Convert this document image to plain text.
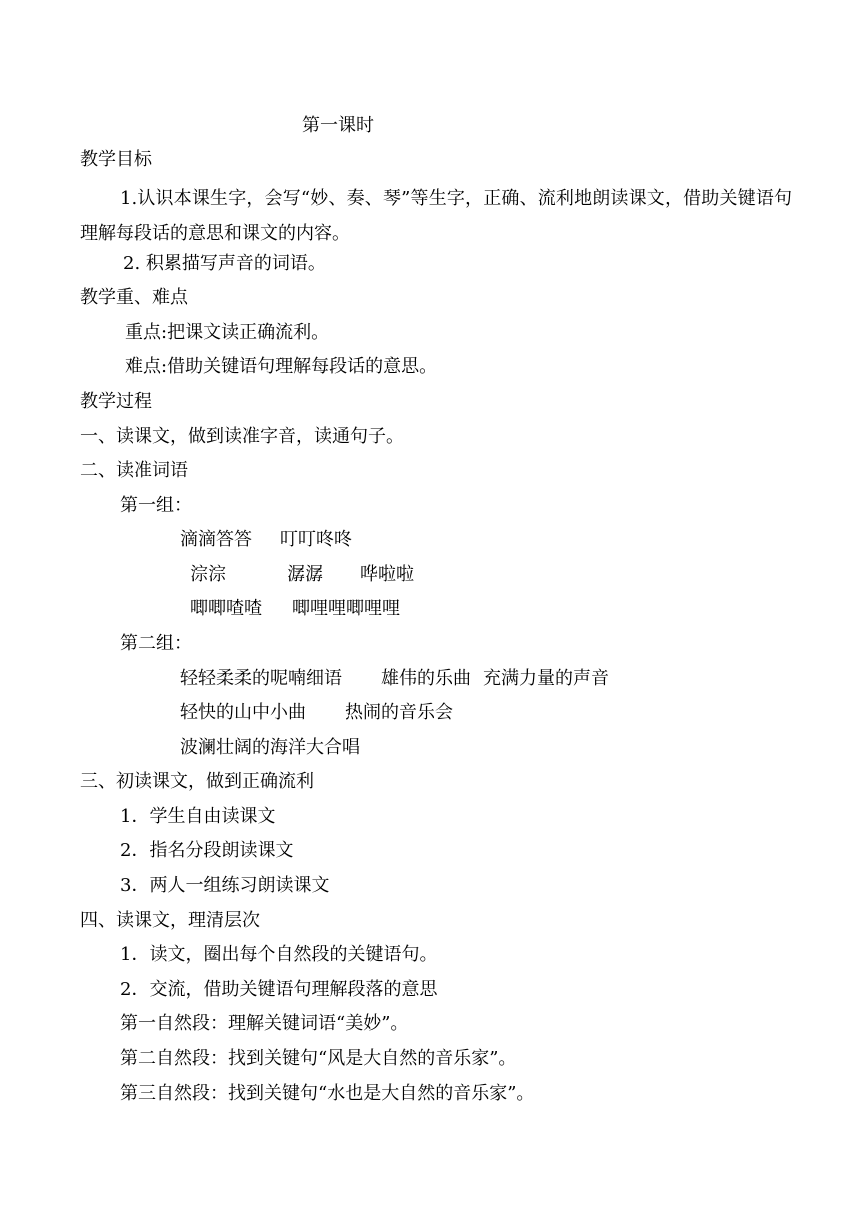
第一课时
教学目标
1.认识本课生字，会写“妙、奏、琴”等生字，正确、流利地朗读课文，借助关键语句理解每段话的意思和课文的内容。
2. 积累描写声音的词语。
教学重、难点
重点:把课文读正确流利。
难点:借助关键语句理解每段话的意思。
教学过程
一、读课文，做到读准字音，读通句子。
二、读准词语
第一组：
滴滴答答 叮叮咚咚
淙淙	潺潺 哗啦啦
唧唧喳喳 唧哩哩唧哩哩
第二组：
轻轻柔柔的呢喃细语 雄伟的乐曲 充满力量的声音
轻快的山中小曲 热闹的音乐会
波澜壮阔的海洋大合唱
三、初读课文，做到正确流利
1．学生自由读课文
2．指名分段朗读课文
3．两人一组练习朗读课文
四、读课文，理清层次
1．读文，圈出每个自然段的关键语句。
2．交流，借助关键语句理解段落的意思
第一自然段：理解关键词语“美妙”。
第二自然段：找到关键句“风是大自然的音乐家”。
第三自然段：找到关键句“水也是大自然的音乐家”。
